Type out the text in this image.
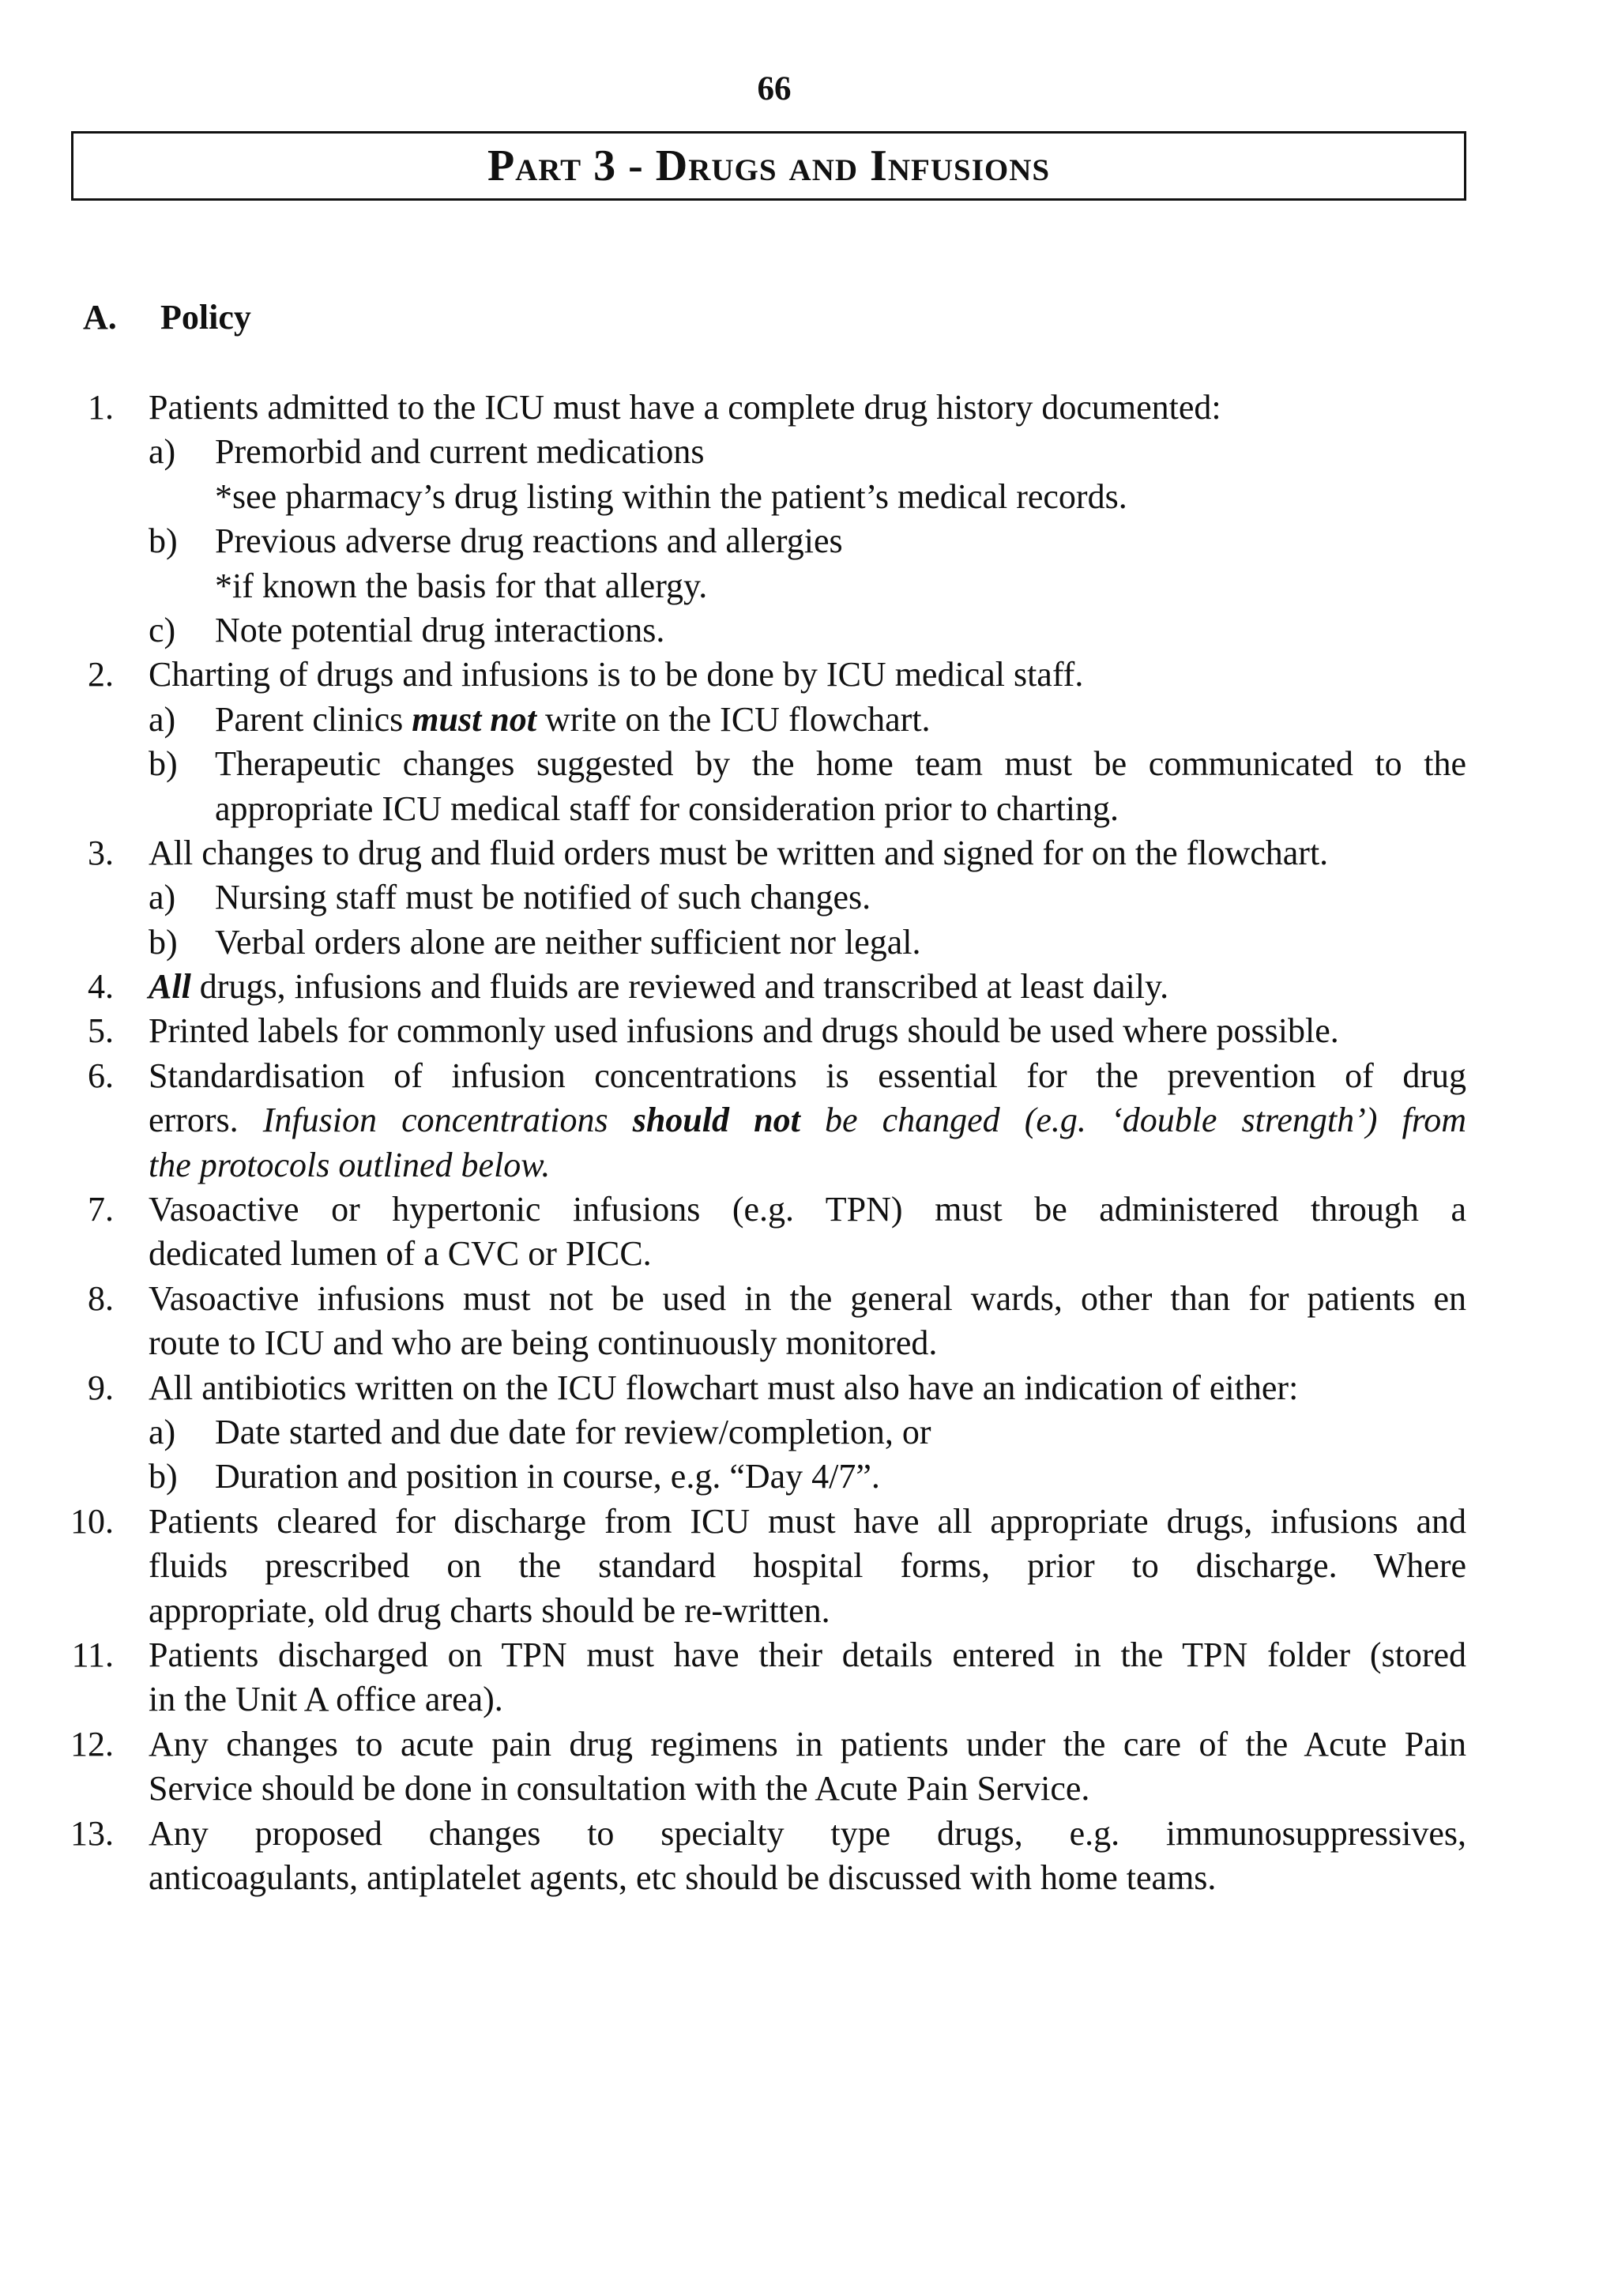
66
Part 3 - Drugs and Infusions
A. Policy
1. Patients admitted to the ICU must have a complete drug history documented:
a) Premorbid and current medications
*see pharmacy’s drug listing within the patient’s medical records.
b) Previous adverse drug reactions and allergies
*if known the basis for that allergy.
c) Note potential drug interactions.
2. Charting of drugs and infusions is to be done by ICU medical staff.
a) Parent clinics must not write on the ICU flowchart.
b) Therapeutic changes suggested by the home team must be communicated to the
appropriate ICU medical staff for consideration prior to charting.
3. All changes to drug and fluid orders must be written and signed for on the flowchart.
a) Nursing staff must be notified of such changes.
b) Verbal orders alone are neither sufficient nor legal.
4. All drugs, infusions and fluids are reviewed and transcribed at least daily.
5. Printed labels for commonly used infusions and drugs should be used where possible.
6. Standardisation of infusion concentrations is essential for the prevention of drug
errors. Infusion concentrations should not be changed (e.g. ‘double strength’) from
the protocols outlined below.
7. Vasoactive or hypertonic infusions (e.g. TPN) must be administered through a
dedicated lumen of a CVC or PICC.
8. Vasoactive infusions must not be used in the general wards, other than for patients en
route to ICU and who are being continuously monitored.
9. All antibiotics written on the ICU flowchart must also have an indication of either:
a) Date started and due date for review/completion, or
b) Duration and position in course, e.g. “Day 4/7”.
10. Patients cleared for discharge from ICU must have all appropriate drugs, infusions and
fluids prescribed on the standard hospital forms, prior to discharge. Where
appropriate, old drug charts should be re-written.
11. Patients discharged on TPN must have their details entered in the TPN folder (stored
in the Unit A office area).
12. Any changes to acute pain drug regimens in patients under the care of the Acute Pain
Service should be done in consultation with the Acute Pain Service.
13. Any proposed changes to specialty type drugs, e.g. immunosuppressives,
anticoagulants, antiplatelet agents, etc should be discussed with home teams.
